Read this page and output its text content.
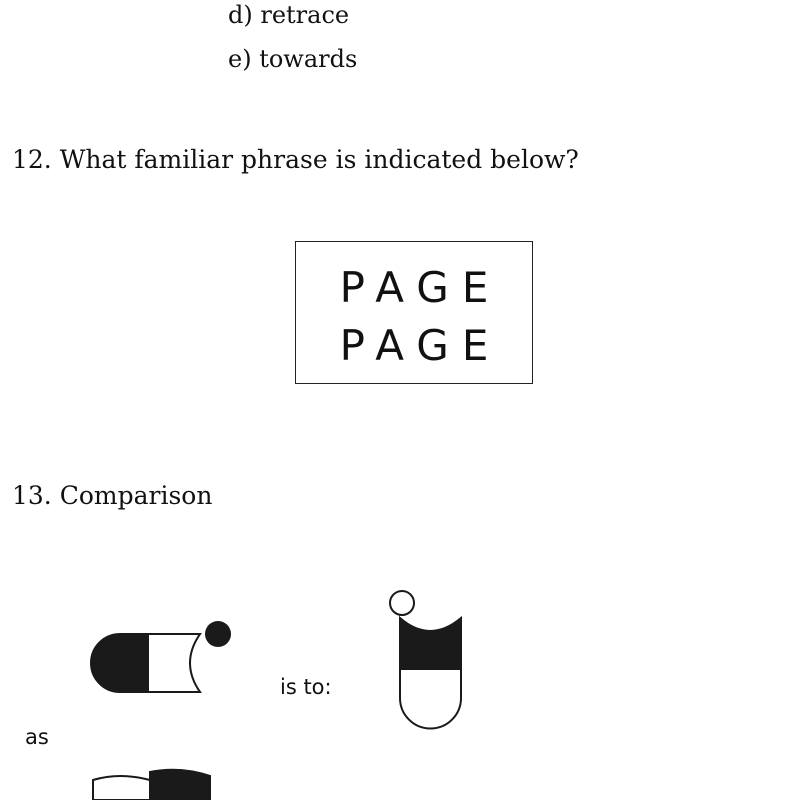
d) retrace
e) towards
12. What familiar phrase is indicated below?
PAGE
PAGE
13. Comparison
is to:
as
